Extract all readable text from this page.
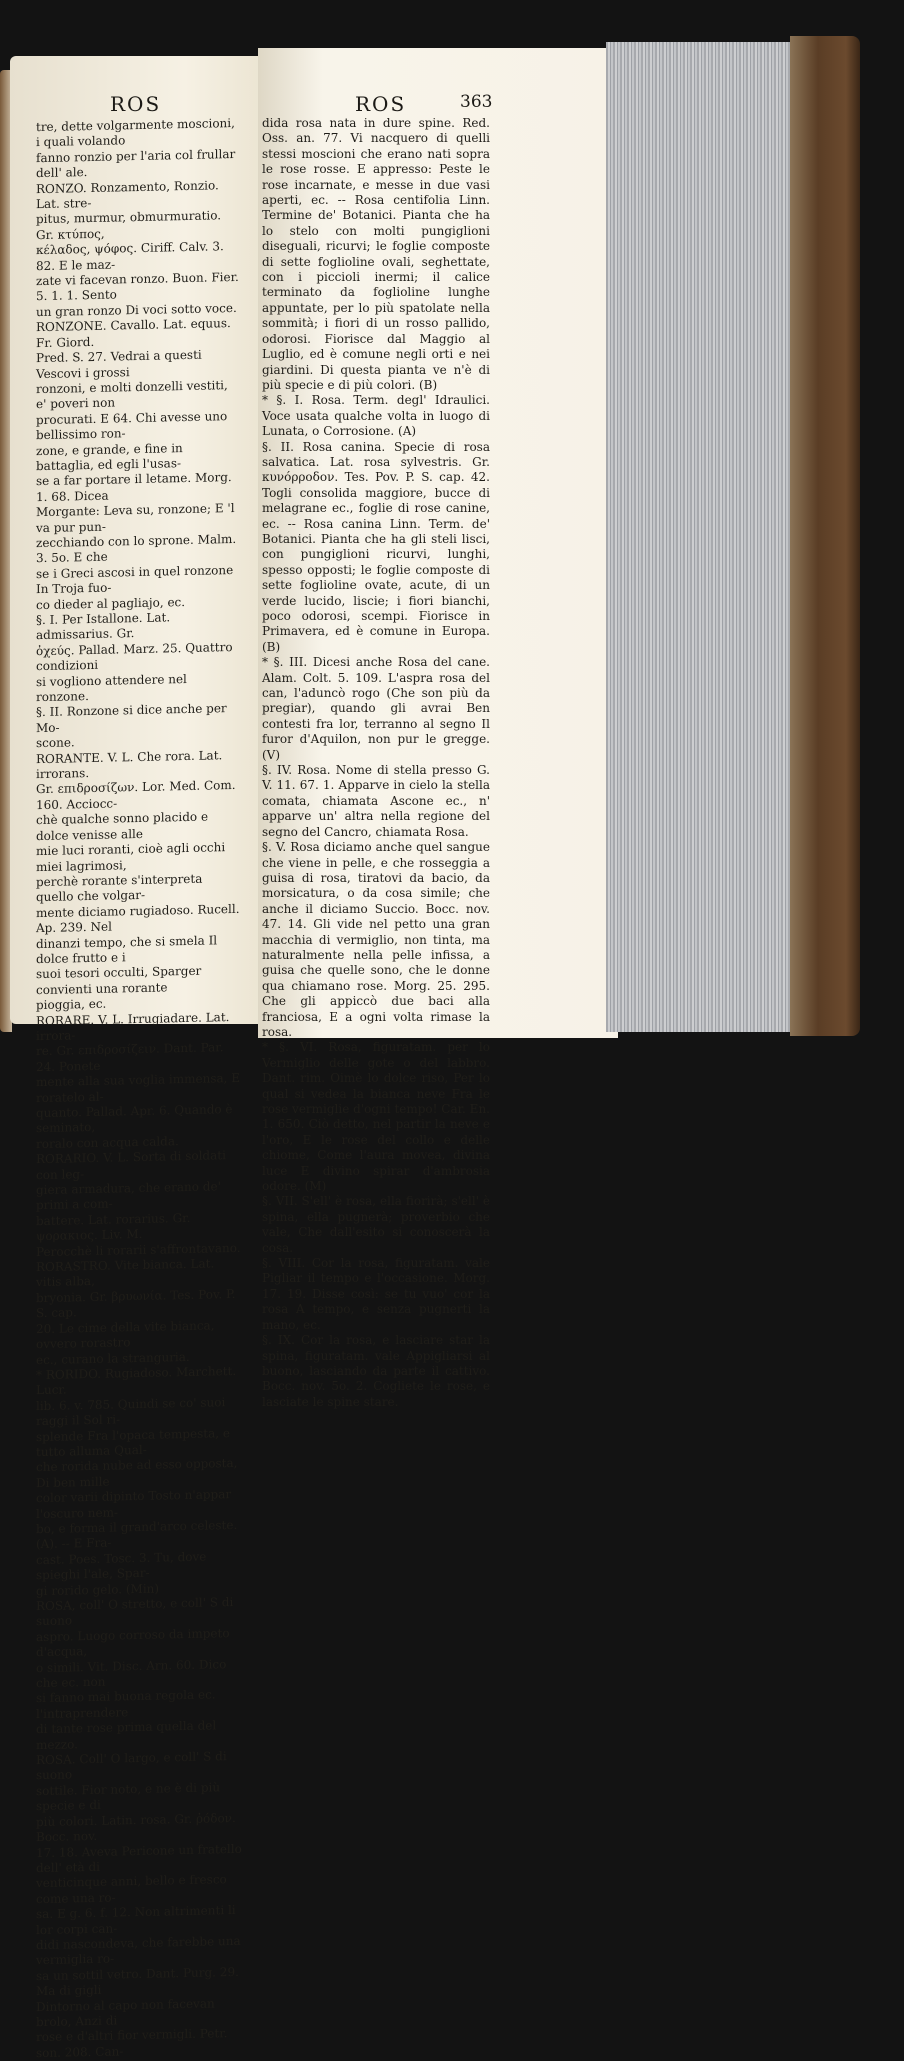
ROS	ROS	363
tre, dette volgarmente moscioni, i quali volando
fanno ronzio per l'aria col frullar dell' ale.
RONZO. Ronzamento, Ronzio. Lat. stre-
pitus, murmur, obmurmuratio. Gr. κτύπος,
κέλαδος, ψόφος. Ciriff. Calv. 3. 82. E le maz-
zate vi facevan ronzo. Buon. Fier. 5. 1. 1. Sento
un gran ronzo Di voci sotto voce.
RONZONE. Cavallo. Lat. equus. Fr. Giord.
Pred. S. 27. Vedrai a questi Vescovi i grossi
ronzoni, e molti donzelli vestiti, e' poveri non
procurati. E 64. Chi avesse uno bellissimo ron-
zone, e grande, e fine in battaglia, ed egli l'usas-
se a far portare il letame. Morg. 1. 68. Dicea
Morgante: Leva su, ronzone; E 'l va pur pun-
zecchiando con lo sprone. Malm. 3. 5o. E che
se i Greci ascosi in quel ronzone In Troja fuo-
co dieder al pagliajo, ec.
§. I. Per Istallone. Lat. admissarius. Gr.
ὀχεύς. Pallad. Marz. 25. Quattro condizioni
si vogliono attendere nel ronzone.
§. II. Ronzone si dice anche per Mo-
scone.
RORANTE. V. L. Che rora. Lat. irrorans.
Gr. επιδροσίζων. Lor. Med. Com. 160. Acciocc-
chè qualche sonno placido e dolce venisse alle
mie luci roranti, cioè agli occhi miei lagrimosi,
perchè rorante s'interpreta quello che volgar-
mente diciamo rugiadoso. Rucell. Ap. 239. Nel
dinanzi tempo, che si smela Il dolce frutto e i
suoi tesori occulti, Sparger convienti una rorante
pioggia, ec.
RORARE. V. L. Irrugiadare. Lat. irrora-
re. Gr. επιδροσίζειν. Dant. Par. 24. Ponete
mente alla sua voglia immensa, E roratelo al-
quanto. Pallad. Apr. 6. Quando è seminato,
roralo con acqua calda.
RORARIO. V. L. Sorta di soldati con leg-
giera armadura, che erano de' primi a com-
battere. Lat. rorarius. Gr. ψορακιος. Liv. M.
Perocchè li rorarii s'affrontavano.
RORASTRO. Vite bianca. Lat. vitis alba,
bryonia. Gr. βρυωνία. Tes. Pov. P. S. cap.
20. Le cime della vite bianca, ovvero rorastro
ec., curano la stranguria.
* RORIDO. Rugiadoso. Marchett. Lucr.
lib. 6. v. 785. Quindi se co' suoi raggi il Sol ri-
splende Fra l'opaca tempesta, e tutto alluma Qual-
che rorida nube ad esso opposta, Di ben mille
color varii dipinto Tosto n'appar l'oscuro nem-
bo, e forma il grand'arco celeste. (A). -- E Fra-
cast. Poes. Tosc. 3. Tu, dove spieghi l'ale, Spar-
gi rorido gelo. (Min)
ROSA, coll' O stretto, e coll' S di suono
aspro. Luogo corroso da impeto d'acqua,
o simili. Vit. Disc. Arn. 60. Dico che ec. non
si fanno mai buona regola ec. l'intraprendere
di tante rose prima quella del mezzo.
ROSA. Coll' O largo, e coll' S di suono
sottile. Fior noto, e ne è di più specie e di
più colori. Latin. rosa. Gr. ῥόδον. Bocc. nov.
17. 18. Aveva Pericone un fratello dell' età di
venticinque anni, bello e fresco come una ro-
sa. E g. 6. f. 12. Non altrimenti li lor corpi can-
didi nascondeva, che farebbe una vermiglia ro-
sa un sottil vetro. Dant. Purg. 29. Ma di gigli
Dintorno al capo non facevan brolo, Anzi di
rose e d'altri fior vermigli. Petr. son. 208. Can-

dida rosa nata in dure spine. Red. Oss. an. 77. Vi nacquero di quelli stessi moscioni che erano nati sopra le rose rosse. E appresso: Peste le rose incarnate, e messe in due vasi aperti, ec. -- Rosa centifolia Linn. Termine de' Botanici. Pianta che ha lo stelo con molti pungiglioni diseguali, ricurvi; le foglie composte di sette foglioline ovali, seghettate, con i piccioli inermi; il calice terminato da foglioline lunghe appuntate, per lo più spatolate nella sommità; i fiori di un rosso pallido, odorosi. Fiorisce dal Maggio al Luglio, ed è comune negli orti e nei giardini. Di questa pianta ve n'è di più specie e di più colori. (B)

* §. I. Rosa. Term. degl' Idraulici. Voce usata qualche volta in luogo di Lunata, o Corrosione. (A)

§. II. Rosa canina. Specie di rosa salvatica. Lat. rosa sylvestris. Gr. κυνόρροδον. Tes. Pov. P. S. cap. 42. Togli consolida maggiore, bucce di melagrane ec., foglie di rose canine, ec. -- Rosa canina Linn. Term. de' Botanici. Pianta che ha gli steli lisci, con pungiglioni ricurvi, lunghi, spesso opposti; le foglie composte di sette foglioline ovate, acute, di un verde lucido, liscie; i fiori bianchi, poco odorosi, scempi. Fiorisce in Primavera, ed è comune in Europa. (B)

* §. III. Dicesi anche Rosa del cane. Alam. Colt. 5. 109. L'aspra rosa del can, l'aduncò rogo (Che son più da pregiar), quando gli avrai Ben contesti fra lor, terranno al segno Il furor d'Aquilon, non pur le gregge. (V)

§. IV. Rosa. Nome di stella presso G. V. 11. 67. 1. Apparve in cielo la stella comata, chiamata Ascone ec., n' apparve un' altra nella regione del segno del Cancro, chiamata Rosa.

§. V. Rosa diciamo anche quel sangue che viene in pelle, e che rosseggia a guisa di rosa, tiratovi da bacio, da morsicatura, o da cosa simile; che anche il diciamo Succio. Bocc. nov. 47. 14. Gli vide nel petto una gran macchia di vermiglio, non tinta, ma naturalmente nella pelle infissa, a guisa che quelle sono, che le donne qua chiamano rose. Morg. 25. 295. Che gli appiccò due baci alla franciosa, E a ogni volta rimase la rosa.

* §. VI. Rosa, figuratam. per lo Vermiglio delle gote o del labbro. Dant. rim. Oimè lo dolce riso, Per lo qual si vedea la bianca neve Fra le rose vermiglie d'ogni tempo! Car. En. 1. 650. Ciò detto, nel partir la neve e l'oro, E le rose del collo e delle chiome, Come l'aura movea, divina luce E divino spirar d'ambrosia odore. (M)

§. VII. S'ell' è rosa, ella fiorirà; s'ell' è spina, ella pugnerà; proverbio che vale, Che dall'esito si conoscerà la cosa.

§. VIII. Cor la rosa, figuratam. vale Pigliar il tempo e l'occasione. Morg. 17. 19. Disse così: se tu vuo' cor la rosa A tempo, e senza pugnerti la mano, ec.

§. IX. Cor la rosa, e lasciare star la spina, figuratam. vale Appigliarsi al buono, lasciando da parte il cattivo. Bocc. nov. 5o. 2. Cogliete le rose, e lasciate le spine stare.
